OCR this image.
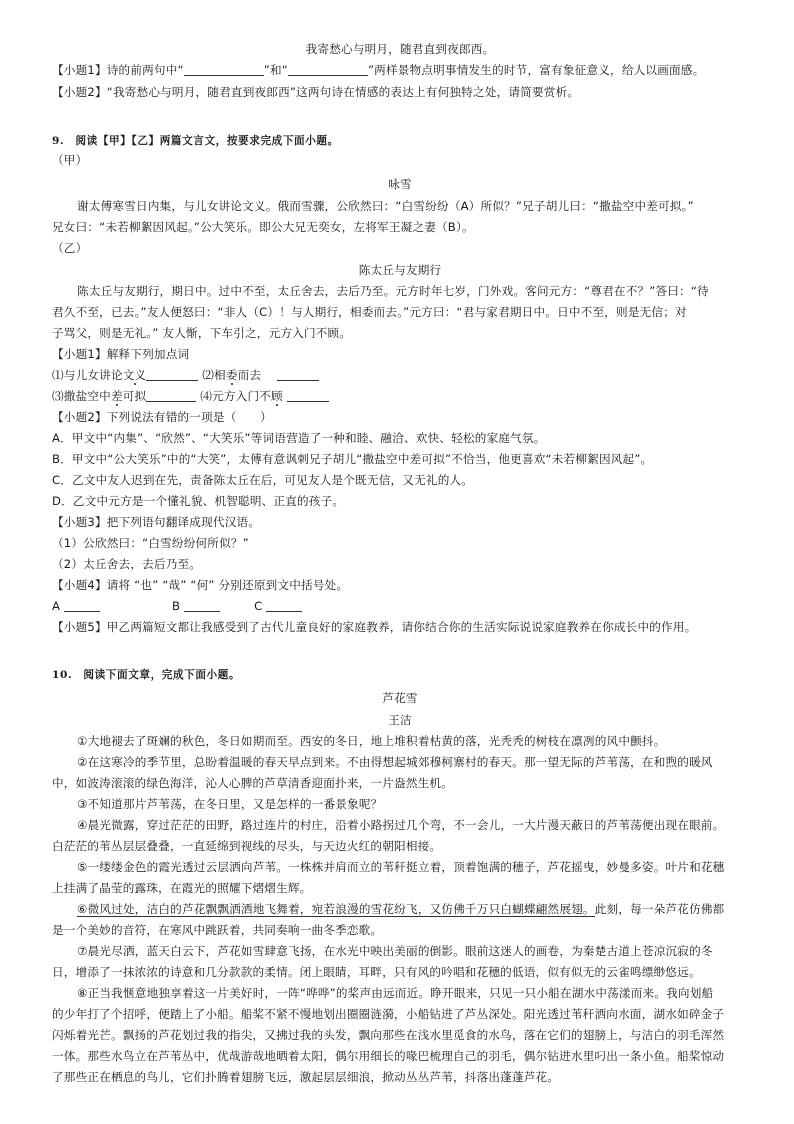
我寄愁心与明月，随君直到夜郎西。
【小题1】诗的前两句中“	”和“	”两样景物点明事情发生的时节，富有象征意义，给人以画面感。
【小题2】“我寄愁心与明月，随君直到夜郎西”这两句诗在情感的表达上有何独特之处，请简要赏析。
9.　阅读【甲】【乙】两篇文言文，按要求完成下面小题。
（甲）
咏雪
谢太傅寒雪日内集，与儿女讲论文义。俄而雪骤，公欣然曰：“白雪纷纷（A）所似？”兄子胡儿曰：“撒盐空中差可拟。”
兄女曰：“未若柳絮因风起。”公大笑乐。即公大兄无奕女，左将军王凝之妻（B）。
（乙）
陈太丘与友期行
陈太丘与友期行，期日中。过中不至，太丘舍去，去后乃至。元方时年七岁，门外戏。客问元方：“尊君在不？”答曰：“待
君久不至，已去。”友人便怒曰：“非人（C）！与人期行，相委而去。”元方曰：“君与家君期日中。日中不至，则是无信；对
子骂父，则是无礼。” 友人惭，下车引之，元方入门不顾。
【小题1】解释下列加点词
⑴与儿女讲论文义	⑵相委而去
⑶撒盐空中差可拟	⑷元方入门不顾
【小题2】下列说法有错的一项是（　　）
A．甲文中“内集”、“欣然”、“大笑乐”等词语营造了一种和睦、融洽、欢快、轻松的家庭气氛。
B．甲文中“公大笑乐”中的“大笑”，太傅有意讽刺兄子胡儿“撒盐空中差可拟”不恰当，他更喜欢“未若柳絮因风起”。
C．乙文中友人迟到在先，责备陈太丘在后，可见友人是个既无信，又无礼的人。
D．乙文中元方是一个懂礼貌、机智聪明、正直的孩子。
【小题3】把下列语句翻译成现代汉语。
（1）公欣然曰：“白雪纷纷何所似？”
（2）太丘舍去，去后乃至。
【小题4】请将 “也” “哉” “何” 分别还原到文中括号处。
A	B	C
【小题5】甲乙两篇短文都让我感受到了古代儿童良好的家庭教养，请你结合你的生活实际说说家庭教养在你成长中的作用。
10.　阅读下面文章，完成下面小题。
芦花雪
王洁
①大地褪去了斑斓的秋色，冬日如期而至。西安的冬日，地上堆积着枯黄的落，光秃秃的树枝在凛冽的风中颤抖。
②在这寒冷的季节里，总盼着温暖的春天早点到来。不由得想起城郊穆柯寨村的春天。那一望无际的芦苇荡，在和煦的暖风
中，如波涛滚滚的绿色海洋，沁人心脾的芦草清香迎面扑来，一片盎然生机。
③不知道那片芦苇荡，在冬日里，又是怎样的一番景象呢？
④晨光微露，穿过茫茫的田野，路过连片的村庄，沿着小路拐过几个弯，不一会儿，一大片漫天蔽日的芦苇荡便出现在眼前。
白茫茫的苇丛层层叠叠，一直延绵到视线的尽头，与天边火红的朝阳相接。
⑤一缕缕金色的霞光透过云层洒向芦苇。一株株并肩而立的苇秆挺立着，顶着饱满的穗子，芦花摇曳，妙曼多姿。叶片和花穗
上挂满了晶莹的露珠，在霞光的照耀下熠熠生辉。
⑥微风过处，洁白的芦花飘飘洒洒地飞舞着，宛若浪漫的雪花纷飞，又仿佛千万只白蝴蝶翩然展翅。此刻，每一朵芦花仿佛都
是一个美妙的音符，在寒风中跳跃着，共同奏响一曲冬季恋歌。
⑦晨光尽洒，蓝天白云下，芦花如雪肆意飞扬，在水光中映出美丽的倒影。眼前这迷人的画卷，为秦楚古道上苍凉沉寂的冬
日，增添了一抹浓浓的诗意和几分款款的柔情。闭上眼睛，耳畔，只有风的吟唱和花穗的低语，似有似无的云雀鸣缥缈悠远。
⑧正当我惬意地独享着这一片美好时，一阵“哗哗”的桨声由远而近。睁开眼来，只见一只小船在湖水中荡漾而来。我向划船
的少年打了个招呼，便踏上了小船。船桨不紧不慢地划出圈圈涟漪，小船钻进了芦丛深处。阳光透过苇秆洒向水面，湖水如碎金子
闪烁着光芒。飘扬的芦花划过我的指尖，又拂过我的头发，飘向那些在浅水里觅食的水鸟，落在它们的翅膀上，与洁白的羽毛浑然
一体。那些水鸟立在芦苇丛中，优哉游哉地晒着太阳，偶尔用细长的喙巴梳理自己的羽毛，偶尔钻进水里叼出一条小鱼。船桨惊动
了那些正在栖息的鸟儿，它们扑腾着翅膀飞远，激起层层细浪，掀动丛丛芦苇，抖落出蓬蓬芦花。
